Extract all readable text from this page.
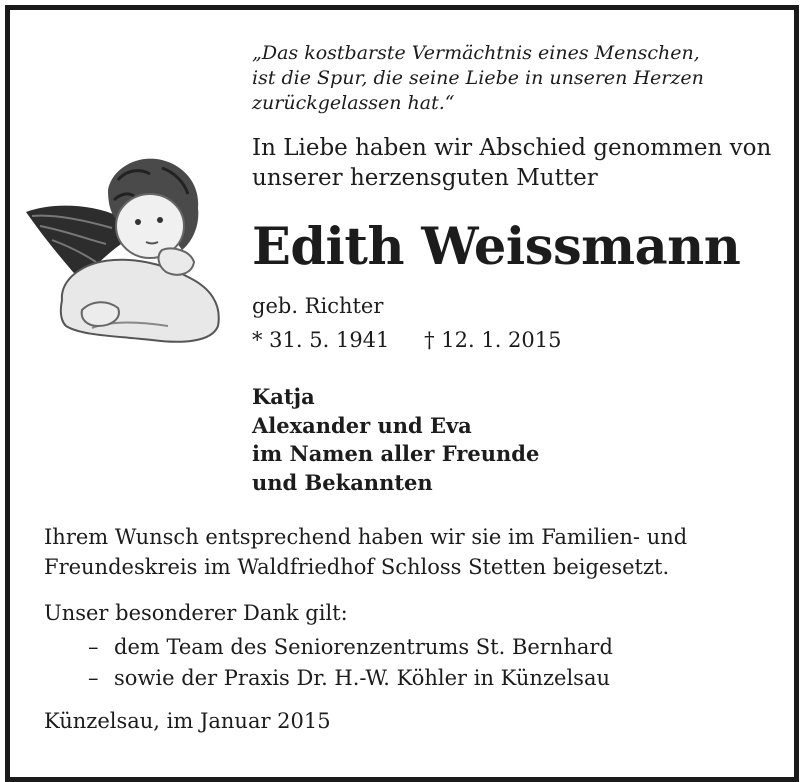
„Das kostbarste Vermächtnis eines Menschen,
ist die Spur, die seine Liebe in unseren Herzen
zurückgelassen hat.“
In Liebe haben wir Abschied genommen von
unserer herzensguten Mutter
Edith Weissmann
geb. Richter
* 31. 5. 1941 † 12. 1. 2015
Katja
Alexander und Eva
im Namen aller Freunde
und Bekannten
Ihrem Wunsch entsprechend haben wir sie im Familien- und
Freundeskreis im Waldfriedhof Schloss Stetten beigesetzt.
Unser besonderer Dank gilt:
– dem Team des Seniorenzentrums St. Bernhard
– sowie der Praxis Dr. H.-W. Köhler in Künzelsau
Künzelsau, im Januar 2015
